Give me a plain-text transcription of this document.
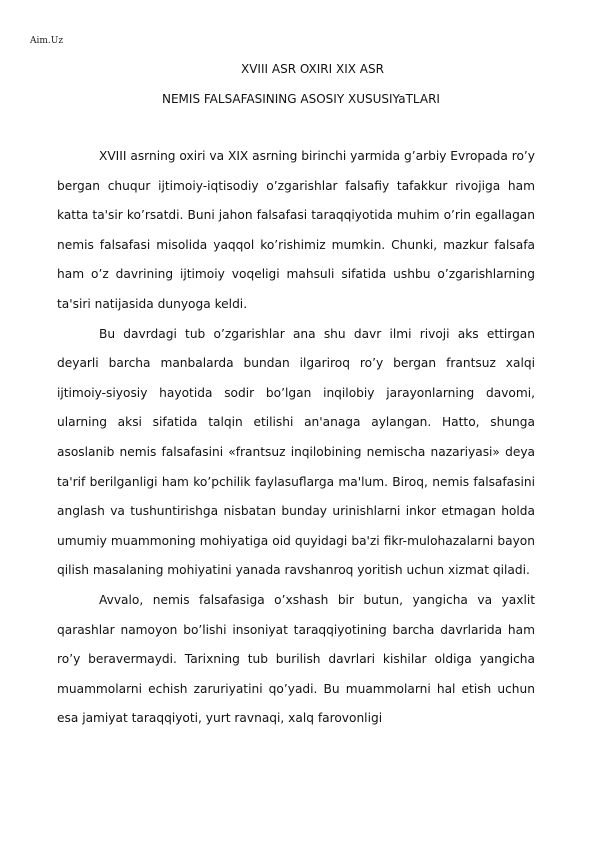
Aim.Uz
XVIII ASR OXIRI XIX ASR
NEMIS FALSAFASINING ASOSIY XUSUSIYaTLARI

XVIII asrning oxiri va XIX asrning birinchi yarmida g’arbiy Evropada ro’y bergan chuqur ijtimoiy-iqtisodiy o’zgarishlar falsafiy tafakkur rivojiga ham katta ta'sir ko’rsatdi. Buni jahon falsafasi taraqqiyotida muhim o’rin egallagan nemis falsafasi misolida yaqqol ko’rishimiz mumkin. Chunki, mazkur falsafa ham o’z davrining ijtimoiy voqeligi mahsuli sifatida ushbu o’zgarishlarning ta'siri natijasida dunyoga keldi.

Bu davrdagi tub o’zgarishlar ana shu davr ilmi rivoji aks ettirgan deyarli barcha manbalarda bundan ilgariroq ro’y bergan frantsuz xalqi ijtimoiy-siyosiy hayotida sodir bo’lgan inqilobiy jarayonlarning davomi, ularning aksi sifatida talqin etilishi an'anaga aylangan. Hatto, shunga asoslanib nemis falsafasini «frantsuz inqilobining nemischa nazariyasi» deya ta'rif berilganligi ham ko’pchilik faylasuflarga ma'lum. Biroq, nemis falsafasini anglash va tushuntirishga nisbatan bunday urinishlarni inkor etmagan holda umumiy muammoning mohiyatiga oid quyidagi ba'zi fikr-mulohazalarni bayon qilish masalaning mohiyatini yanada ravshanroq yoritish uchun xizmat qiladi.

Avvalo, nemis falsafasiga o’xshash bir butun, yangicha va yaxlit qarashlar namoyon bo’lishi insoniyat taraqqiyotining barcha davrlarida ham ro’y beravermaydi. Tarixning tub burilish davrlari kishilar oldiga yangicha muammolarni echish zaruriyatini qo’yadi. Bu muammolarni hal etish uchun esa jamiyat taraqqiyoti, yurt ravnaqi, xalq farovonligi
